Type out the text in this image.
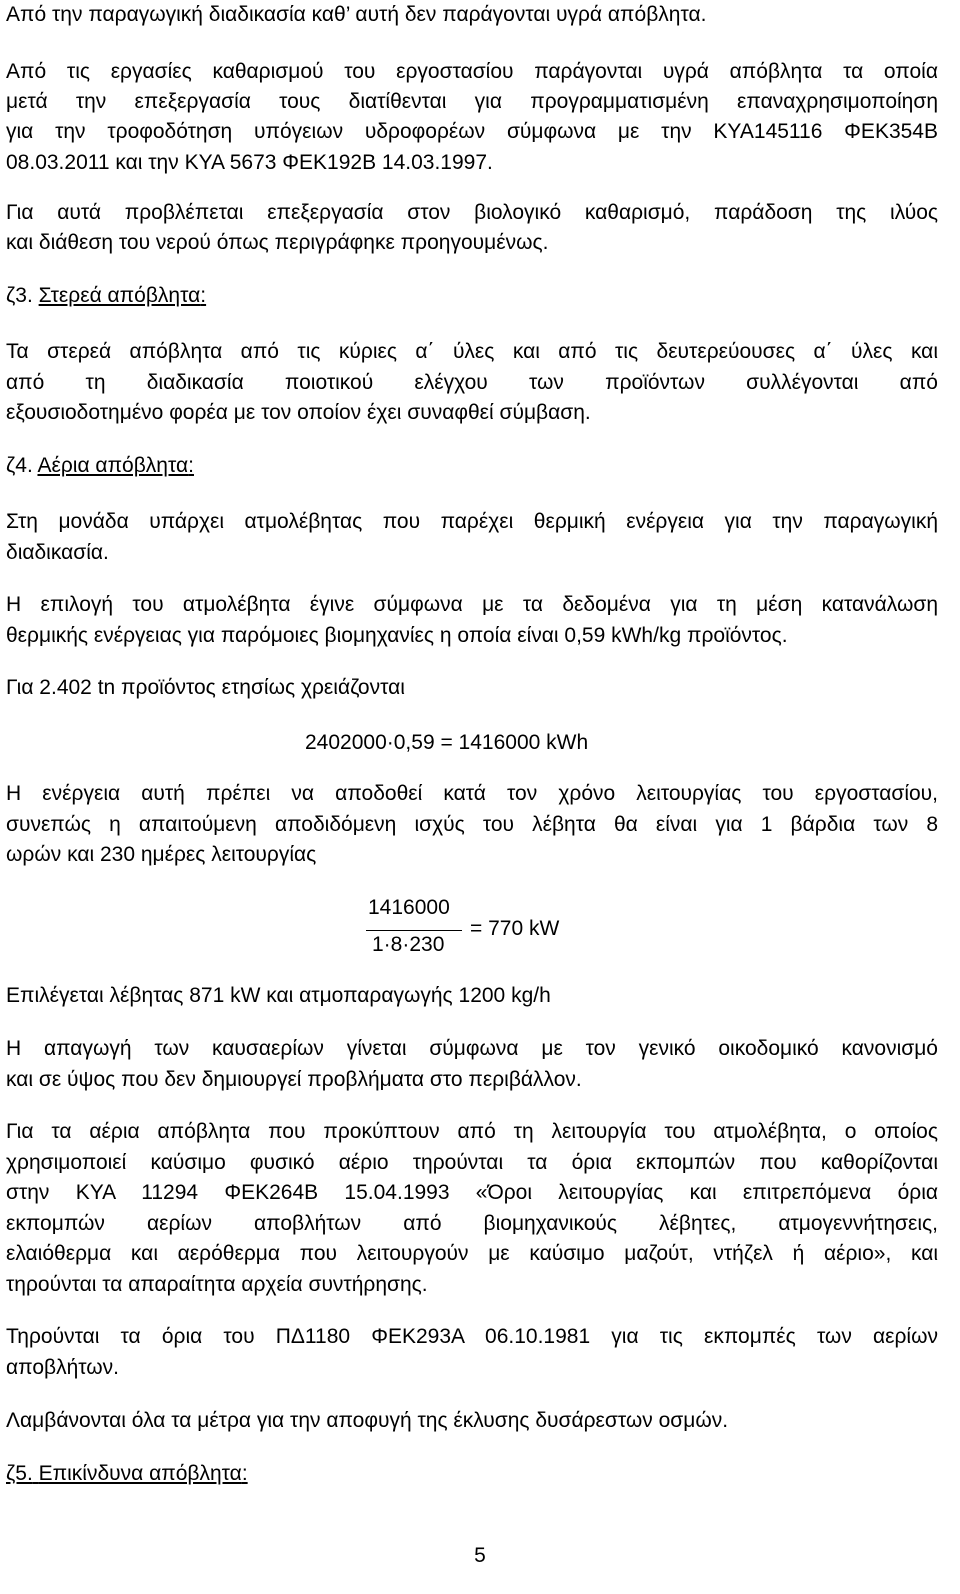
Από την παραγωγική διαδικασία καθ’ αυτή δεν παράγονται υγρά απόβλητα.
Από τις εργασίες καθαρισμού του εργοστασίου παράγονται υγρά απόβλητα τα οποία
μετά την επεξεργασία τους διατίθενται για προγραμματισμένη επαναχρησιμοποίηση
για την τροφοδότηση υπόγειων υδροφορέων σύμφωνα με την ΚΥΑ145116 ΦΕΚ354Β
08.03.2011 και την ΚΥΑ 5673 ΦΕΚ192Β 14.03.1997.
Για αυτά προβλέπεται επεξεργασία στον βιολογικό καθαρισμό, παράδοση της ιλύος
και διάθεση του νερού όπως περιγράφηκε προηγουμένως.
ζ3. Στερεά απόβλητα:
Τα στερεά απόβλητα από τις κύριες α΄ ύλες και από τις δευτερεύουσες α΄ ύλες και
από τη διαδικασία ποιοτικού ελέγχου των προϊόντων συλλέγονται από
εξουσιοδοτημένο φορέα με τον οποίον έχει συναφθεί σύμβαση.
ζ4. Αέρια απόβλητα:
Στη μονάδα υπάρχει ατμολέβητας που παρέχει θερμική ενέργεια για την παραγωγική
διαδικασία.
Η επιλογή του ατμολέβητα έγινε σύμφωνα με τα δεδομένα για τη μέση κατανάλωση
θερμικής ενέργειας για παρόμοιες βιομηχανίες η οποία είναι 0,59 kWh/kg προϊόντος.
Για 2.402 tn προϊόντος ετησίως χρειάζονται
2402000·0,59 = 1416000 kWh
Η ενέργεια αυτή πρέπει να αποδοθεί κατά τον χρόνο λειτουργίας του εργοστασίου,
συνεπώς η απαιτούμενη αποδιδόμενη ισχύς του λέβητα θα είναι για 1 βάρδια των 8
ωρών και 230 ημέρες λειτουργίας
1416000
1·8·230
= 770 kW
Επιλέγεται λέβητας 871 kW και ατμοπαραγωγής 1200 kg/h
Η απαγωγή των καυσαερίων γίνεται σύμφωνα με τον γενικό οικοδομικό κανονισμό
και σε ύψος που δεν δημιουργεί προβλήματα στο περιβάλλον.
Για τα αέρια απόβλητα που προκύπτουν από τη λειτουργία του ατμολέβητα, ο οποίος
χρησιμοποιεί καύσιμο φυσικό αέριο τηρούνται τα όρια εκπομπών που καθορίζονται
στην ΚΥΑ 11294 ΦΕΚ264Β 15.04.1993 «Όροι λειτουργίας και επιτρεπόμενα όρια
εκπομπών αερίων αποβλήτων από βιομηχανικούς λέβητες, ατμογεννήτησεις,
ελαιόθερμα και αερόθερμα που λειτουργούν με καύσιμο μαζούτ, ντήζελ ή αέριο», και
τηρούνται τα απαραίτητα αρχεία συντήρησης.
Τηρούνται τα όρια του ΠΔ1180 ΦΕΚ293Α 06.10.1981 για τις εκπομπές των αερίων
αποβλήτων.
Λαμβάνονται όλα τα μέτρα για την αποφυγή της έκλυσης δυσάρεστων οσμών.
ζ5. Επικίνδυνα απόβλητα:
5
